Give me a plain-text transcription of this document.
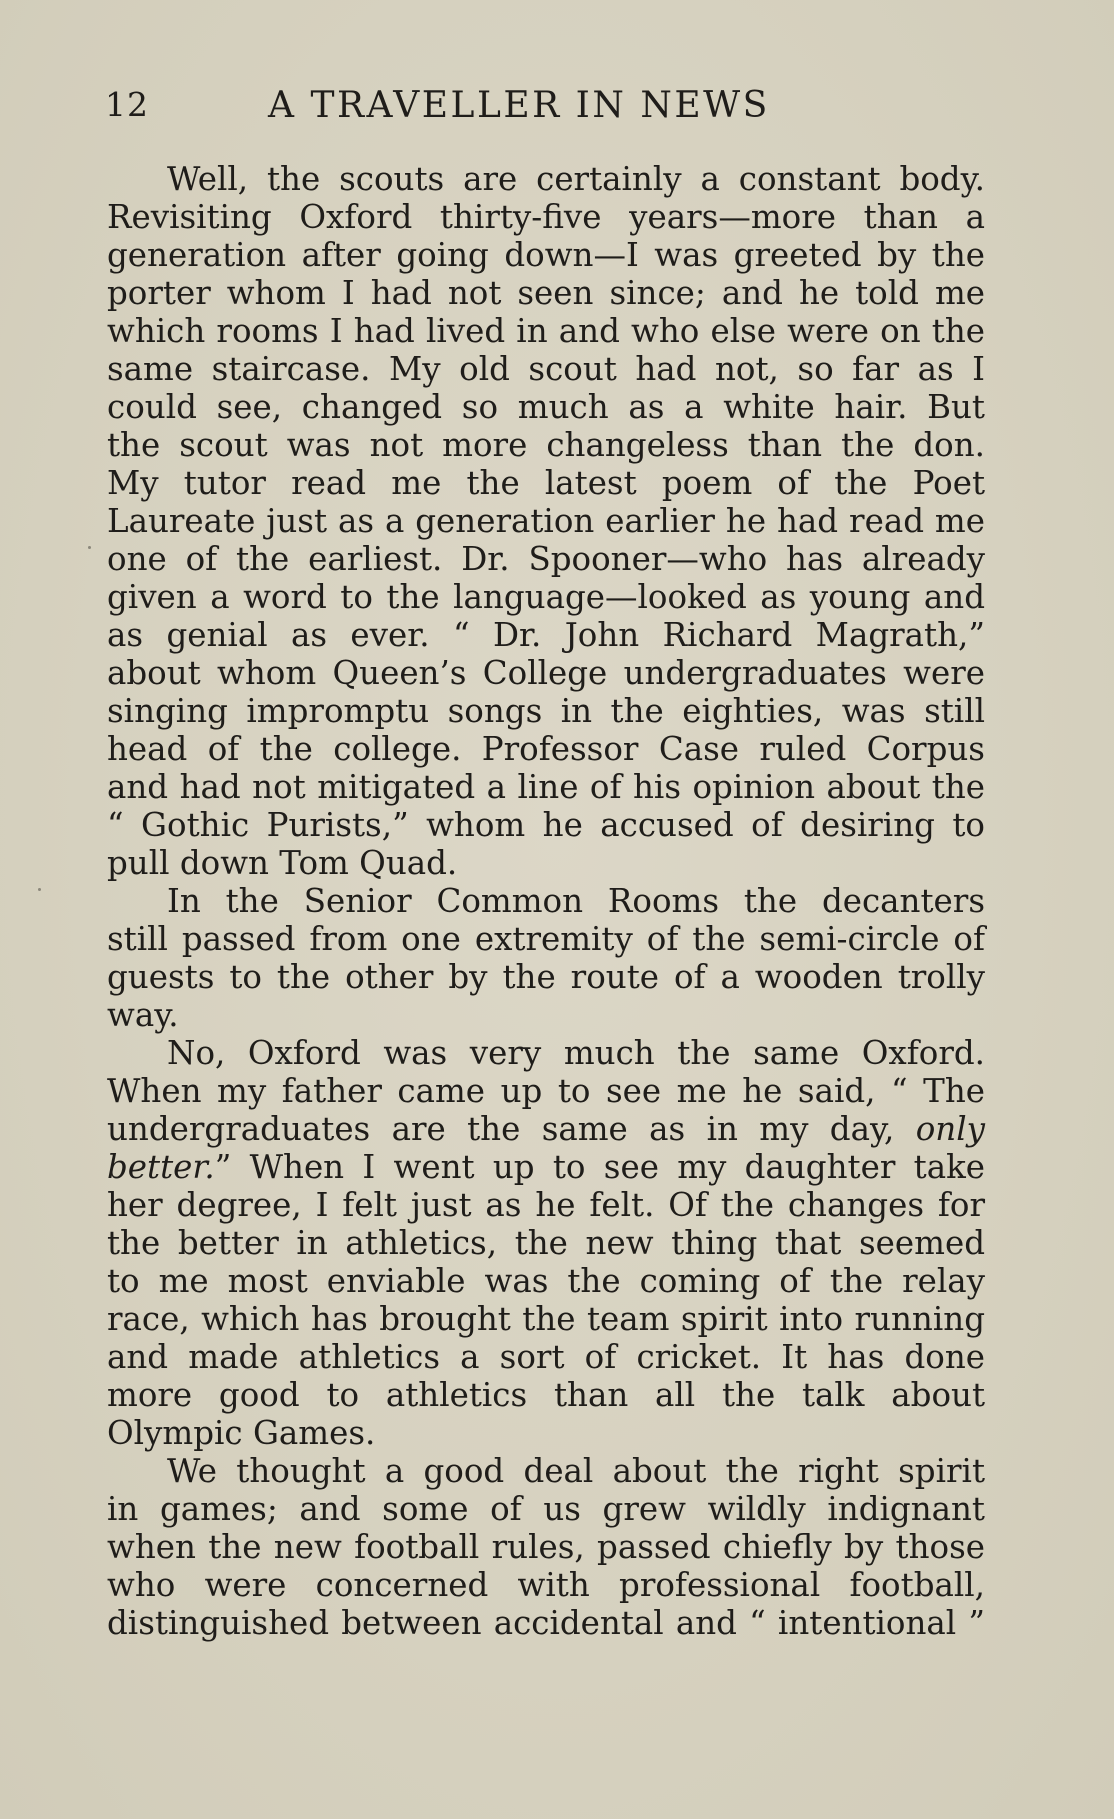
12	A TRAVELLER IN NEWS
Well, the scouts are certainly a constant body.
Revisiting Oxford thirty-five years—more than a
generation after going down—I was greeted by the
porter whom I had not seen since; and he told me
which rooms I had lived in and who else were on the
same staircase. My old scout had not, so far as I
could see, changed so much as a white hair. But
the scout was not more changeless than the don.
My tutor read me the latest poem of the Poet
Laureate just as a generation earlier he had read me
one of the earliest. Dr. Spooner—who has already
given a word to the language—looked as young and
as genial as ever. “ Dr. John Richard Magrath,”
about whom Queen’s College undergraduates were
singing impromptu songs in the eighties, was still
head of the college. Professor Case ruled Corpus
and had not mitigated a line of his opinion about the
“ Gothic Purists,” whom he accused of desiring to
pull down Tom Quad.
In the Senior Common Rooms the decanters
still passed from one extremity of the semi-circle of
guests to the other by the route of a wooden trolly
way.
No, Oxford was very much the same Oxford.
When my father came up to see me he said, “ The
undergraduates are the same as in my day, only
better.” When I went up to see my daughter take
her degree, I felt just as he felt. Of the changes for
the better in athletics, the new thing that seemed
to me most enviable was the coming of the relay
race, which has brought the team spirit into running
and made athletics a sort of cricket. It has done
more good to athletics than all the talk about
Olympic Games.
We thought a good deal about the right spirit
in games; and some of us grew wildly indignant
when the new football rules, passed chiefly by those
who were concerned with professional football,
distinguished between accidental and “ intentional ”
